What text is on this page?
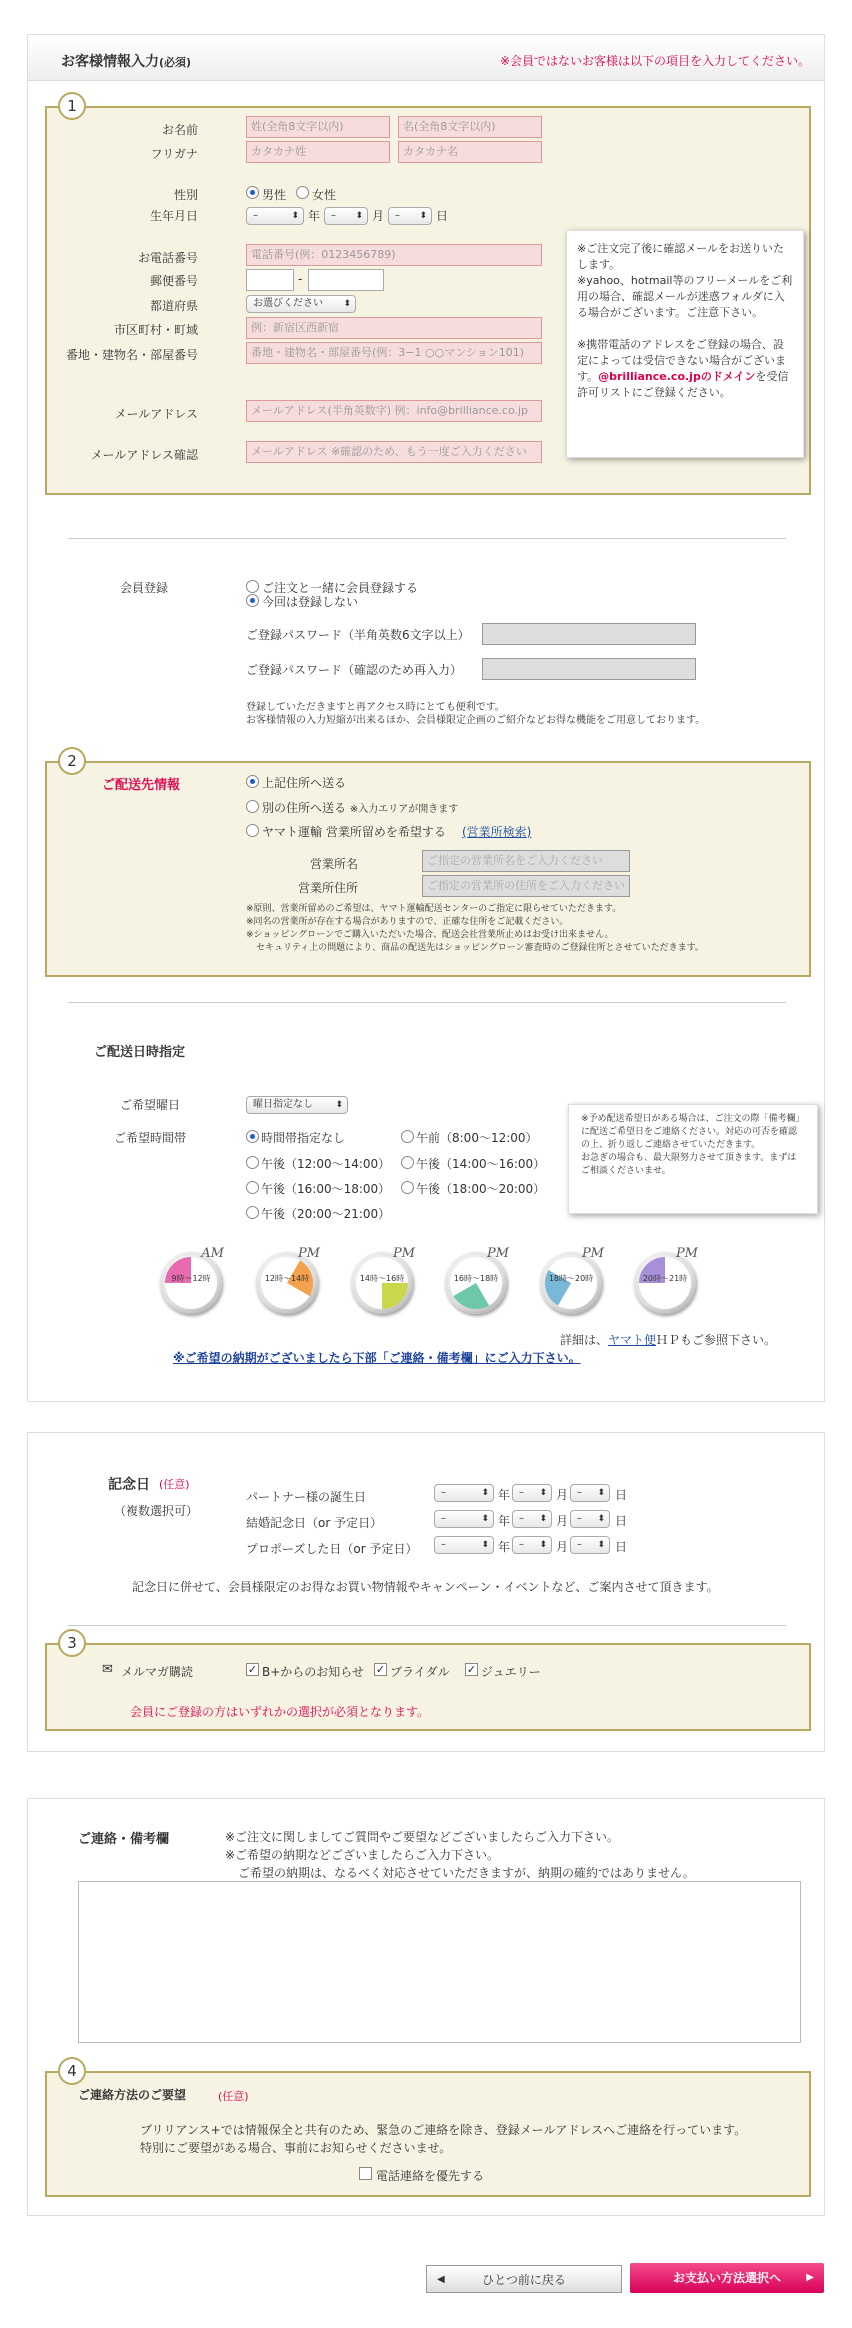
お客様情報入力(必須)	※会員ではないお客様は以下の項目を入力してください。
1
お名前	姓(全角8文字以内)	名(全角8文字以内)
フリガナ	カタカナ姓	カタカナ名
性別	男性 女性
生年月日	– ⬍	年	– ⬍	月	– ⬍	日
お電話番号	電話番号(例：0123456789)
郵便番号	-
都道府県	お選びください ⬍
市区町村・町域	例：新宿区西新宿
番地・建物名・部屋番号	番地・建物名・部屋番号(例：3−1 ○○マンション101)
メールアドレス	メールアドレス(半角英数字) 例：info@brilliance.co.jp
メールアドレス確認	メールアドレス ※確認のため、もう一度ご入力ください

※ご注文完了後に確認メールをお送りいたします。

※yahoo、hotmail等のフリーメールをご利用の場合、確認メールが迷惑フォルダに入る場合がございます。ご注意下さい。

※携帯電話のアドレスをご登録の場合、設定によっては受信できない場合がございます。@brilliance.co.jpのドメインを受信許可リストにご登録ください。

会員登録	ご注文と一緒に会員登録する
今回は登録しない
ご登録パスワード（半角英数6文字以上）
ご登録パスワード（確認のため再入力）
登録していただきますと再アクセス時にとても便利です。
お客様情報の入力短縮が出来るほか、会員様限定企画のご紹介などお得な機能をご用意しております。
2
ご配送先情報	上記住所へ送る
別の住所へ送る ※入力エリアが開きます
ヤマト運輸 営業所留めを希望する (営業所検索)
営業所名	ご指定の営業所名をご入力ください
営業所住所	ご指定の営業所の住所をご入力ください
※原則、営業所留めのご希望は、ヤマト運輸配送センターのご指定に限らせていただきます。
※同名の営業所が存在する場合がありますので、正確な住所をご記載ください。
※ショッピングローンでご購入いただいた場合、配送会社営業所止めはお受け出来ません。
セキュリティ上の問題により、商品の配送先はショッピングローン審査時のご登録住所とさせていただきます。
ご配送日時指定
ご希望曜日	曜日指定なし ⬍
ご希望時間帯	時間帯指定なし	午前（8:00〜12:00）
午後（12:00〜14:00） 午後（14:00〜16:00）
午後（16:00〜18:00） 午後（18:00〜20:00）
午後（20:00〜21:00）

※予め配送希望日がある場合は、ご注文の際「備考欄」に配送ご希望日をご連絡ください。対応の可否を確認の上、折り返しご連絡させていただきます。

お急ぎの場合も、最大限努力させて頂きます。まずはご相談くださいませ。

9時〜12時
AM
12時〜14時
PM
14時〜16時
PM
16時〜18時
PM
18時〜20時
PM
20時〜21時
PM
詳細は、ヤマト便ＨＰもご参照下さい。
※ご希望の納期がございましたら下部「ご連絡・備考欄」にご入力下さい。
記念日 (任意)
（複数選択可）
パートナー様の誕生日	– ⬍	年 – ⬍	月 – ⬍	日
結婚記念日（or 予定日）	– ⬍	年 – ⬍	月 – ⬍	日
プロポーズした日（or 予定日）	– ⬍	年 – ⬍	月 – ⬍	日
記念日に併せて、会員様限定のお得なお買い物情報やキャンペーン・イベントなど、ご案内させて頂きます。
3
✉ メルマガ購読	✓ B+からのお知らせ ✓ ブライダル ✓ ジュエリー
会員にご登録の方はいずれかの選択が必須となります。
ご連絡・備考欄	※ご注文に関しましてご質問やご要望などございましたらご入力下さい。
※ご希望の納期などございましたらご入力下さい。
ご希望の納期は、なるべく対応させていただきますが、納期の確約ではありません。
4
ご連絡方法のご要望	(任意)
ブリリアンス+では情報保全と共有のため、緊急のご連絡を除き、登録メールアドレスへご連絡を行っています。
特別にご要望がある場合、事前にお知らせくださいませ。
電話連絡を優先する
◀	ひとつ前に戻る	お支払い方法選択へ	▶
